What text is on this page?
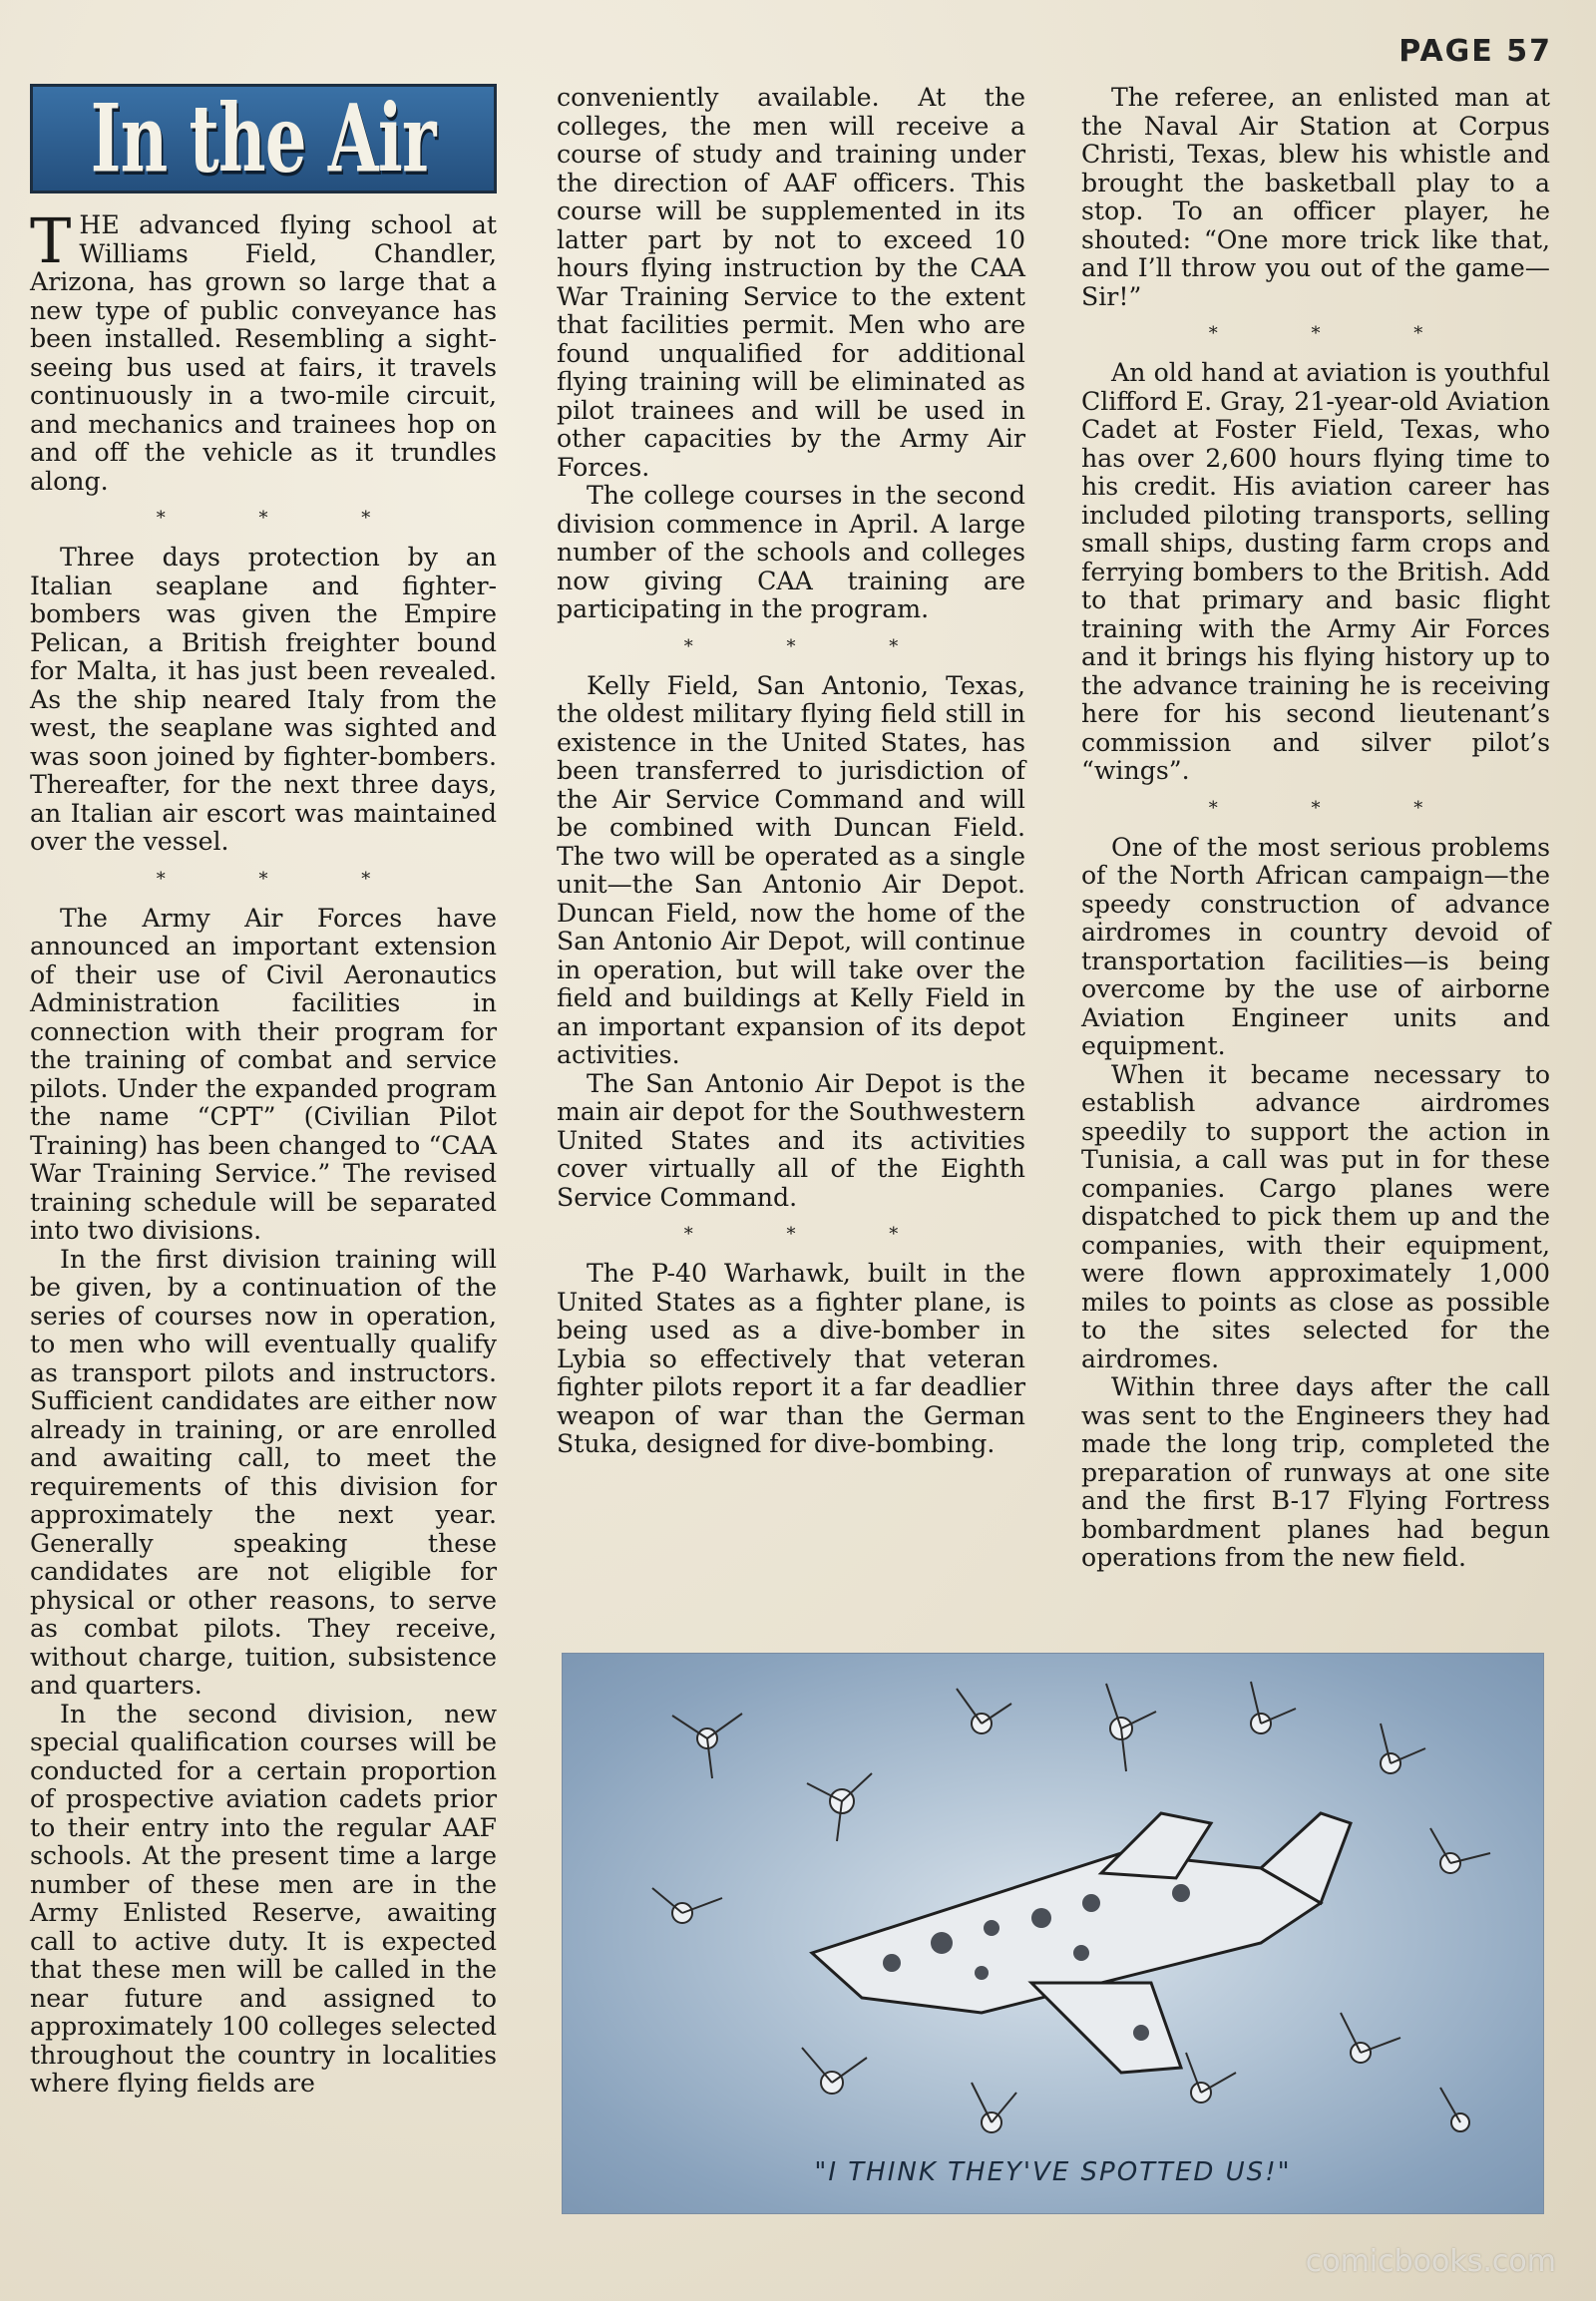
PAGE 57
In the Air

THE advanced flying school at Williams Field, Chandler, Arizona, has grown so large that a new type of public conveyance has been installed. Resembling a sight-seeing bus used at fairs, it travels continuously in a two-mile circuit, and mechanics and trainees hop on and off the vehicle as it trundles along.

* * *

Three days protection by an Italian seaplane and fighter-bombers was given the Empire Pelican, a British freighter bound for Malta, it has just been revealed. As the ship neared Italy from the west, the seaplane was sighted and was soon joined by fighter-bombers. Thereafter, for the next three days, an Italian air escort was maintained over the vessel.

* * *

The Army Air Forces have announced an important extension of their use of Civil Aeronautics Administration facilities in connection with their program for the training of combat and service pilots. Under the expanded program the name “CPT” (Civilian Pilot Training) has been changed to “CAA War Training Service.” The revised training schedule will be separated into two divisions.

In the first division training will be given, by a continuation of the series of courses now in operation, to men who will eventually qualify as transport pilots and instructors. Sufficient candidates are either now already in training, or are enrolled and awaiting call, to meet the requirements of this division for approximately the next year. Generally speaking these candidates are not eligible for physical or other reasons, to serve as combat pilots. They receive, without charge, tuition, subsistence and quarters.

In the second division, new special qualification courses will be conducted for a certain proportion of prospective aviation cadets prior to their entry into the regular AAF schools. At the present time a large number of these men are in the Army Enlisted Reserve, awaiting call to active duty. It is expected that these men will be called in the near future and assigned to approximately 100 colleges selected throughout the country in localities where flying fields are

conveniently available. At the colleges, the men will receive a course of study and training under the direction of AAF officers. This course will be supplemented in its latter part by not to exceed 10 hours flying instruction by the CAA War Training Service to the extent that facilities permit. Men who are found unqualified for additional flying training will be eliminated as pilot trainees and will be used in other capacities by the Army Air Forces.

The college courses in the second division commence in April. A large number of the schools and colleges now giving CAA training are participating in the program.

* * *

Kelly Field, San Antonio, Texas, the oldest military flying field still in existence in the United States, has been transferred to jurisdiction of the Air Service Command and will be combined with Duncan Field. The two will be operated as a single unit—the San Antonio Air Depot. Duncan Field, now the home of the San Antonio Air Depot, will continue in operation, but will take over the field and buildings at Kelly Field in an important expansion of its depot activities.

The San Antonio Air Depot is the main air depot for the Southwestern United States and its activities cover virtually all of the Eighth Service Command.

* * *

The P-40 Warhawk, built in the United States as a fighter plane, is being used as a dive-bomber in Lybia so effectively that veteran fighter pilots report it a far deadlier weapon of war than the German Stuka, designed for dive-bombing.

The referee, an enlisted man at the Naval Air Station at Corpus Christi, Texas, blew his whistle and brought the basketball play to a stop. To an officer player, he shouted: “One more trick like that, and I’ll throw you out of the game—Sir!”

* * *

An old hand at aviation is youthful Clifford E. Gray, 21-year-old Aviation Cadet at Foster Field, Texas, who has over 2,600 hours flying time to his credit. His aviation career has included piloting transports, selling small ships, dusting farm crops and ferrying bombers to the British. Add to that primary and basic flight training with the Army Air Forces and it brings his flying history up to the advance training he is receiving here for his second lieutenant’s commission and silver pilot’s “wings”.

* * *

One of the most serious problems of the North African campaign—the speedy construction of advance airdromes in country devoid of transportation facilities—is being overcome by the use of airborne Aviation Engineer units and equipment.

When it became necessary to establish advance airdromes speedily to support the action in Tunisia, a call was put in for these companies. Cargo planes were dispatched to pick them up and the companies, with their equipment, were flown approximately 1,000 miles to points as close as possible to the sites selected for the airdromes.

Within three days after the call was sent to the Engineers they had made the long trip, completed the preparation of runways at one site and the first B-17 Flying Fortress bombardment planes had begun operations from the new field.

"I THINK THEY'VE SPOTTED US!"
comicbooks.com
